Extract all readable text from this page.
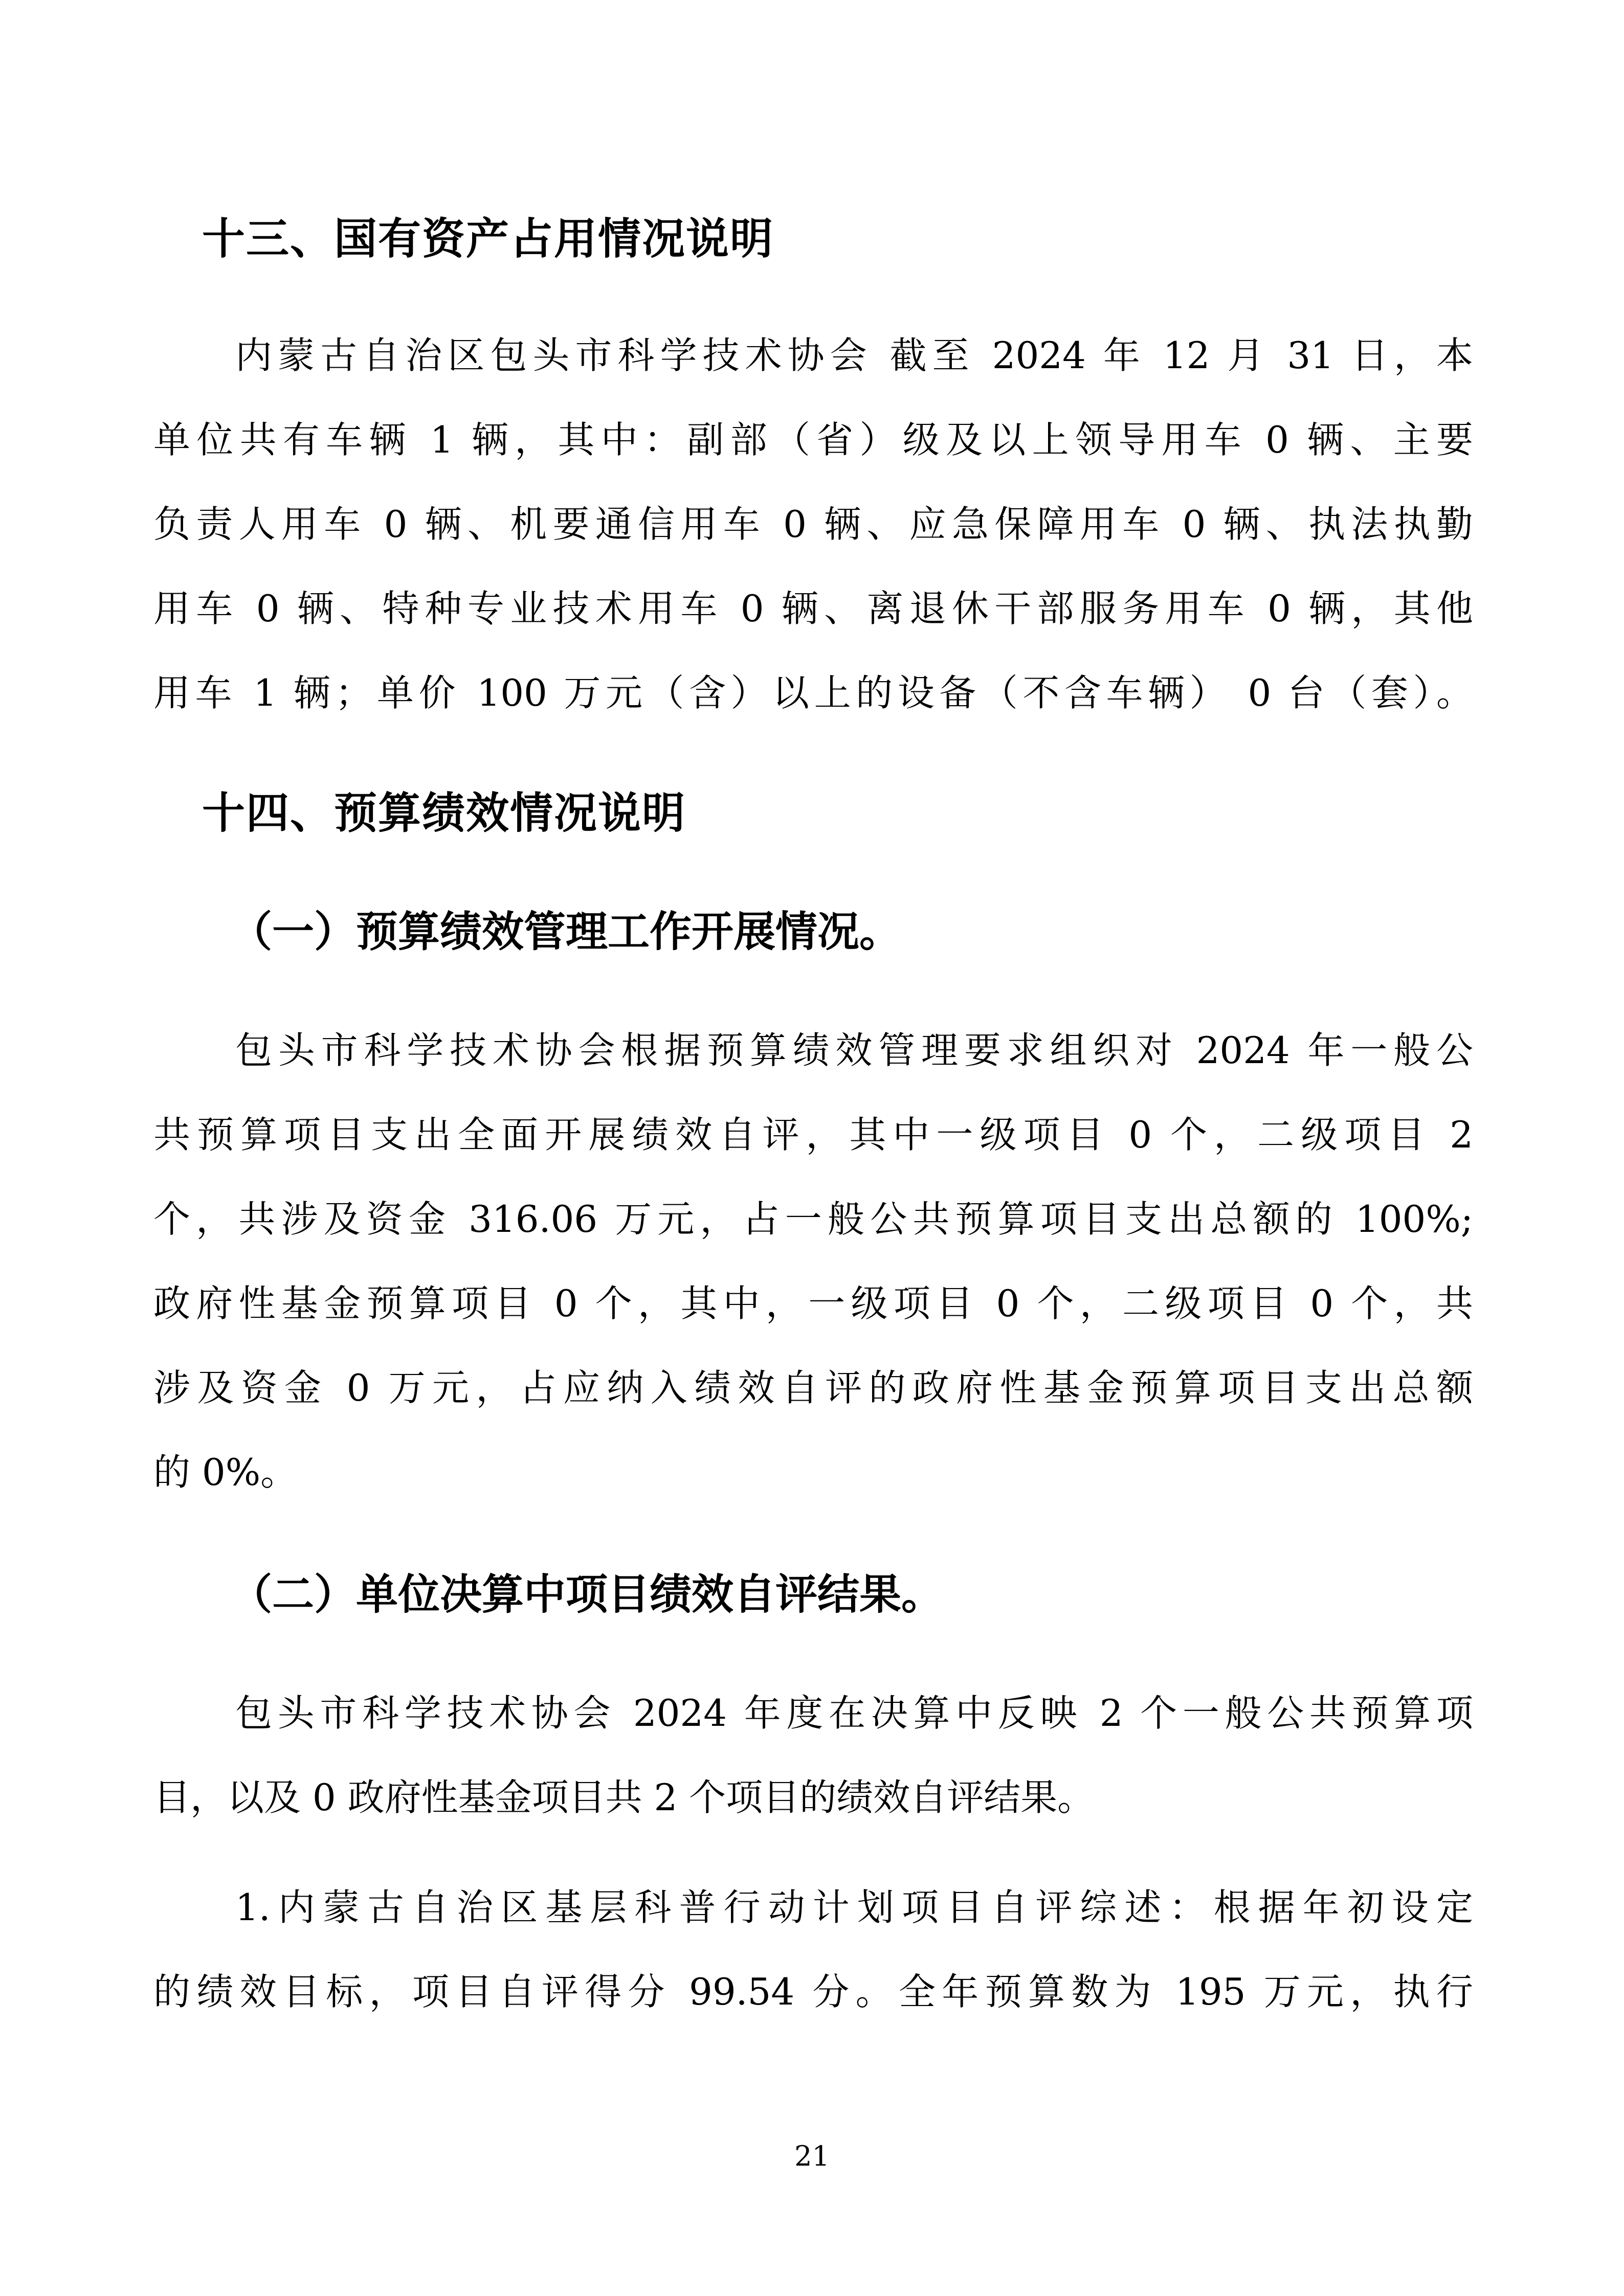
十三、国有资产占用情况说明
内蒙古自治区包头市科学技术协会 截至 2024 年 12 月 31 日，本
单位共有车辆 1 辆，其中：副部（省）级及以上领导用车 0 辆、主要
负责人用车 0 辆、机要通信用车 0 辆、应急保障用车 0 辆、执法执勤
用车 0 辆、特种专业技术用车 0 辆、离退休干部服务用车 0 辆，其他
用车 1 辆；单价 100 万元（含）以上的设备（不含车辆） 0 台（套）。
十四、预算绩效情况说明
（一）预算绩效管理工作开展情况。
包头市科学技术协会根据预算绩效管理要求组织对 2024 年一般公
共预算项目支出全面开展绩效自评，其中一级项目 0 个，二级项目 2
个，共涉及资金 316.06 万元，占一般公共预算项目支出总额的 100%;
政府性基金预算项目 0 个，其中，一级项目 0 个，二级项目 0 个，共
涉及资金 0 万元，占应纳入绩效自评的政府性基金预算项目支出总额
的 0%。
（二）单位决算中项目绩效自评结果。
包头市科学技术协会 2024 年度在决算中反映 2 个一般公共预算项
目，以及 0 政府性基金项目共 2 个项目的绩效自评结果。
1.内蒙古自治区基层科普行动计划项目自评综述：根据年初设定
的绩效目标，项目自评得分 99.54 分。全年预算数为 195 万元，执行
21
